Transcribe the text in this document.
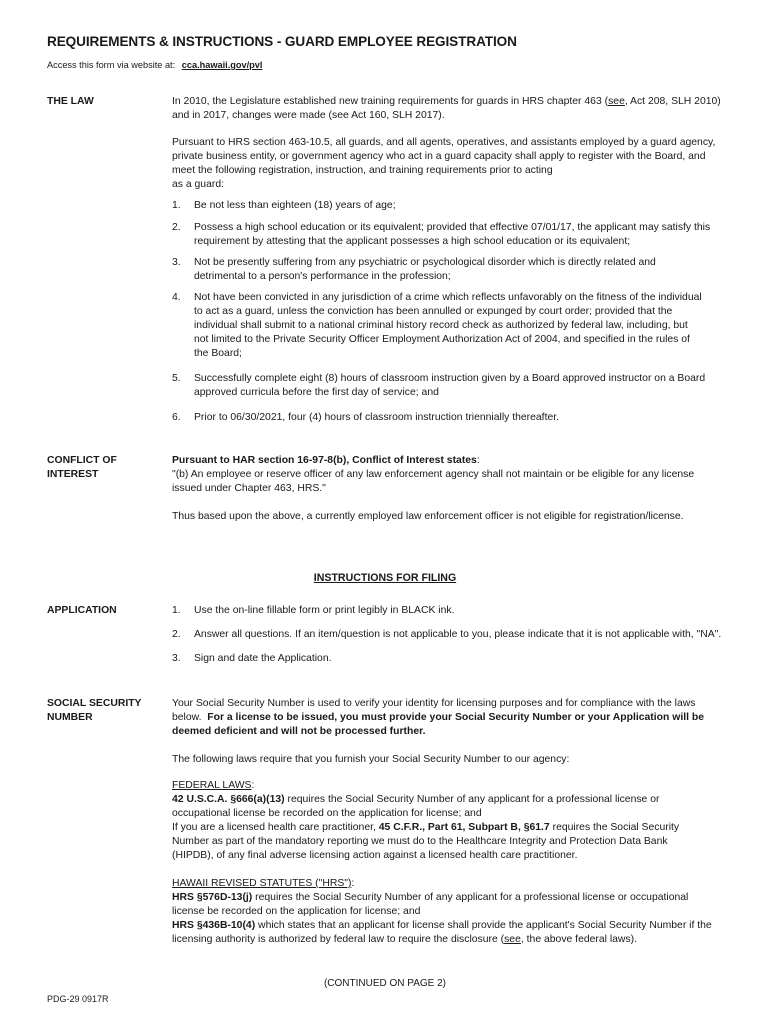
REQUIREMENTS & INSTRUCTIONS - GUARD EMPLOYEE REGISTRATION
Access this form via website at: cca.hawaii.gov/pvl
THE LAW	In 2010, the Legislature established new training requirements for guards in HRS chapter 463 (see, Act 208, SLH 2010)

and in 2017, changes were made (see Act 160, SLH 2017).

Pursuant to HRS section 463-10.5, all guards, and all agents, operatives, and assistants employed by a guard agency,

private business entity, or government agency who act in a guard capacity shall apply to register with the Board, and

meet the following registration, instruction, and training requirements prior to acting

as a guard:

1.	Be not less than eighteen (18) years of age;

2.	Possess a high school education or its equivalent; provided that effective 07/01/17, the applicant may satisfy this

requirement by attesting that the applicant possesses a high school education or its equivalent;

3.	Not be presently suffering from any psychiatric or psychological disorder which is directly related and

detrimental to a person's performance in the profession;

4.	Not have been convicted in any jurisdiction of a crime which reflects unfavorably on the fitness of the individual

to act as a guard, unless the conviction has been annulled or expunged by court order; provided that the

individual shall submit to a national criminal history record check as authorized by federal law, including, but

not limited to the Private Security Officer Employment Authorization Act of 2004, and specified in the rules of

the Board;

5.	Successfully complete eight (8) hours of classroom instruction given by a Board approved instructor on a Board

approved curricula before the first day of service; and

6.	Prior to 06/30/2021, four (4) hours of classroom instruction triennially thereafter.

CONFLICT OF
INTEREST

Pursuant to HAR section 16-97-8(b), Conflict of Interest states:

"(b) An employee or reserve officer of any law enforcement agency shall not maintain or be eligible for any license

issued under Chapter 463, HRS."

Thus based upon the above, a currently employed law enforcement officer is not eligible for registration/license.
INSTRUCTIONS FOR FILING
APPLICATION	1.	Use the on-line fillable form or print legibly in BLACK ink.
2.	Answer all questions. If an item/question is not applicable to you, please indicate that it is not applicable with, "NA".
3.	Sign and date the Application.
SOCIAL SECURITY
NUMBER

Your Social Security Number is used to verify your identity for licensing purposes and for compliance with the laws

below.  For a license to be issued, you must provide your Social Security Number or your Application will be

deemed deficient and will not be processed further.

The following laws require that you furnish your Social Security Number to our agency:

FEDERAL LAWS:

42 U.S.C.A. §666(a)(13) requires the Social Security Number of any applicant for a professional license or

occupational license be recorded on the application for license; and

If you are a licensed health care practitioner, 45 C.F.R., Part 61, Subpart B, §61.7 requires the Social Security

Number as part of the mandatory reporting we must do to the Healthcare Integrity and Protection Data Bank

(HIPDB), of any final adverse licensing action against a licensed health care practitioner.

HAWAII REVISED STATUTES ("HRS"):

HRS §576D-13(j) requires the Social Security Number of any applicant for a professional license or occupational

license be recorded on the application for license; and

HRS §436B-10(4) which states that an applicant for license shall provide the applicant's Social Security Number if the

licensing authority is authorized by federal law to require the disclosure (see, the above federal laws).

(CONTINUED ON PAGE 2)
PDG-29 0917R
